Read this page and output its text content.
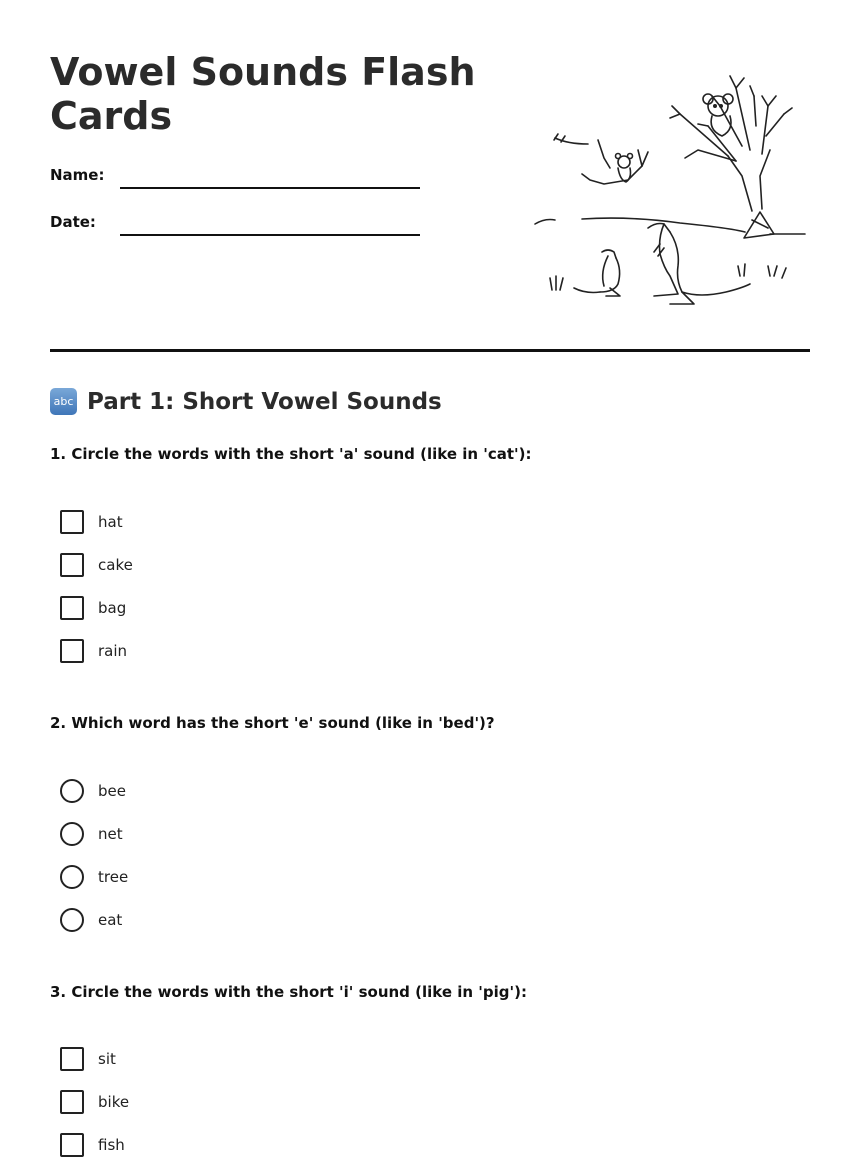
Vowel Sounds Flash Cards
Name:
Date:
abc Part 1: Short Vowel Sounds

1. Circle the words with the short 'a' sound (like in 'cat'):

hat
cake
bag
rain

2. Which word has the short 'e' sound (like in 'bed')?

bee
net
tree
eat

3. Circle the words with the short 'i' sound (like in 'pig'):

sit
bike
fish
